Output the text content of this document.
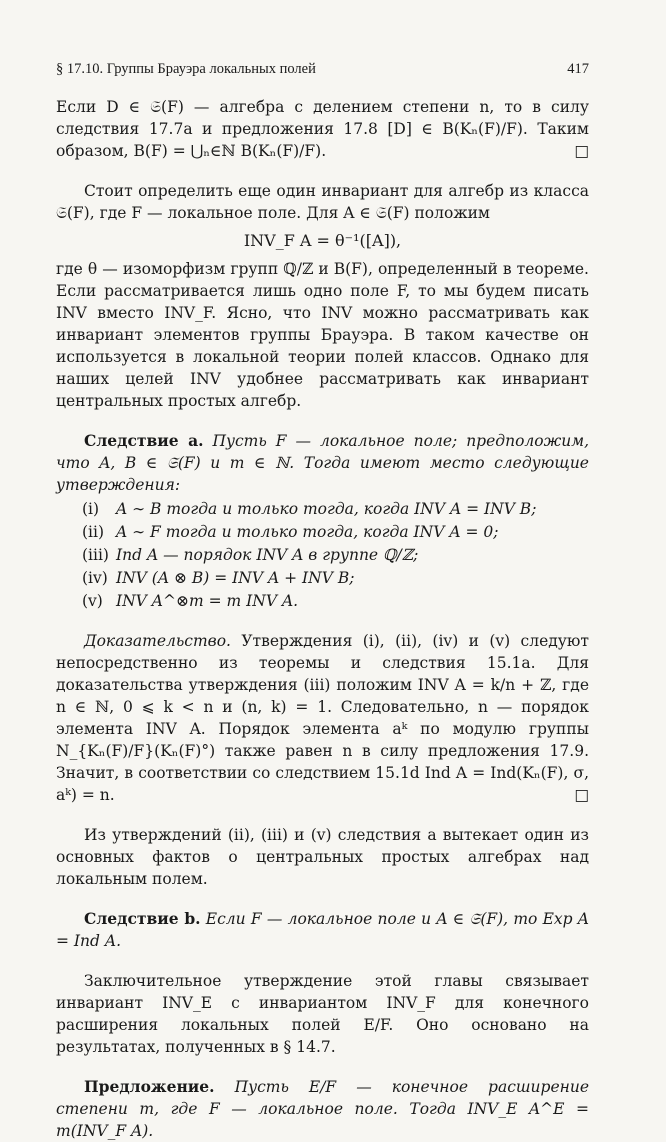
§ 17.10. Группы Брауэра локальных полей	417

Если D ∈ 𝔖(F) — алгебра с делением степени n, то в силу следствия 17.7а и предложения 17.8 [D] ∈ B(Kₙ(F)/F). Таким образом, B(F) = ⋃ₙ∈ℕ B(Kₙ(F)/F).	□

Стоит определить еще один инвариант для алгебр из класса 𝔖(F), где F — локальное поле. Для A ∈ 𝔖(F) положим

INV_F A = θ⁻¹([A]),

где θ — изоморфизм групп ℚ/ℤ и B(F), определенный в теореме. Если рассматривается лишь одно поле F, то мы будем писать INV вместо INV_F. Ясно, что INV можно рассматривать как инвариант элементов группы Брауэра. В таком качестве он используется в локальной теории полей классов. Однако для наших целей INV удобнее рассматривать как инвариант центральных простых алгебр.

Следствие a. Пусть F — локальное поле; предположим, что A, B ∈ 𝔖(F) и m ∈ ℕ. Тогда имеют место следующие утверждения:

(i) A ∼ B тогда и только тогда, когда INV A = INV B;
(ii) A ∼ F тогда и только тогда, когда INV A = 0;
(iii) Ind A — порядок INV A в группе ℚ/ℤ;
(iv) INV (A ⊗ B) = INV A + INV B;
(v) INV A^⊗m = m INV A.

Доказательство. Утверждения (i), (ii), (iv) и (v) следуют непосредственно из теоремы и следствия 15.1a. Для доказательства утверждения (iii) положим INV A = k/n + ℤ, где n ∈ ℕ, 0 ⩽ k < n и (n, k) = 1. Следовательно, n — порядок элемента INV A. Порядок элемента aᵏ по модулю группы N_{Kₙ(F)/F}(Kₙ(F)°) также равен n в силу предложения 17.9. Значит, в соответствии со следствием 15.1d Ind A = Ind(Kₙ(F), σ, aᵏ) = n.	□

Из утверждений (ii), (iii) и (v) следствия a вытекает один из основных фактов о центральных простых алгебрах над локальным полем.

Следствие b. Если F — локальное поле и A ∈ 𝔖(F), то Exp A = Ind A.

Заключительное утверждение этой главы связывает инвариант INV_E с инвариантом INV_F для конечного расширения локальных полей E/F. Оно основано на результатах, полученных в § 14.7.

Предложение. Пусть E/F — конечное расширение степени m, где F — локальное поле. Тогда INV_E A^E = m(INV_F A).
